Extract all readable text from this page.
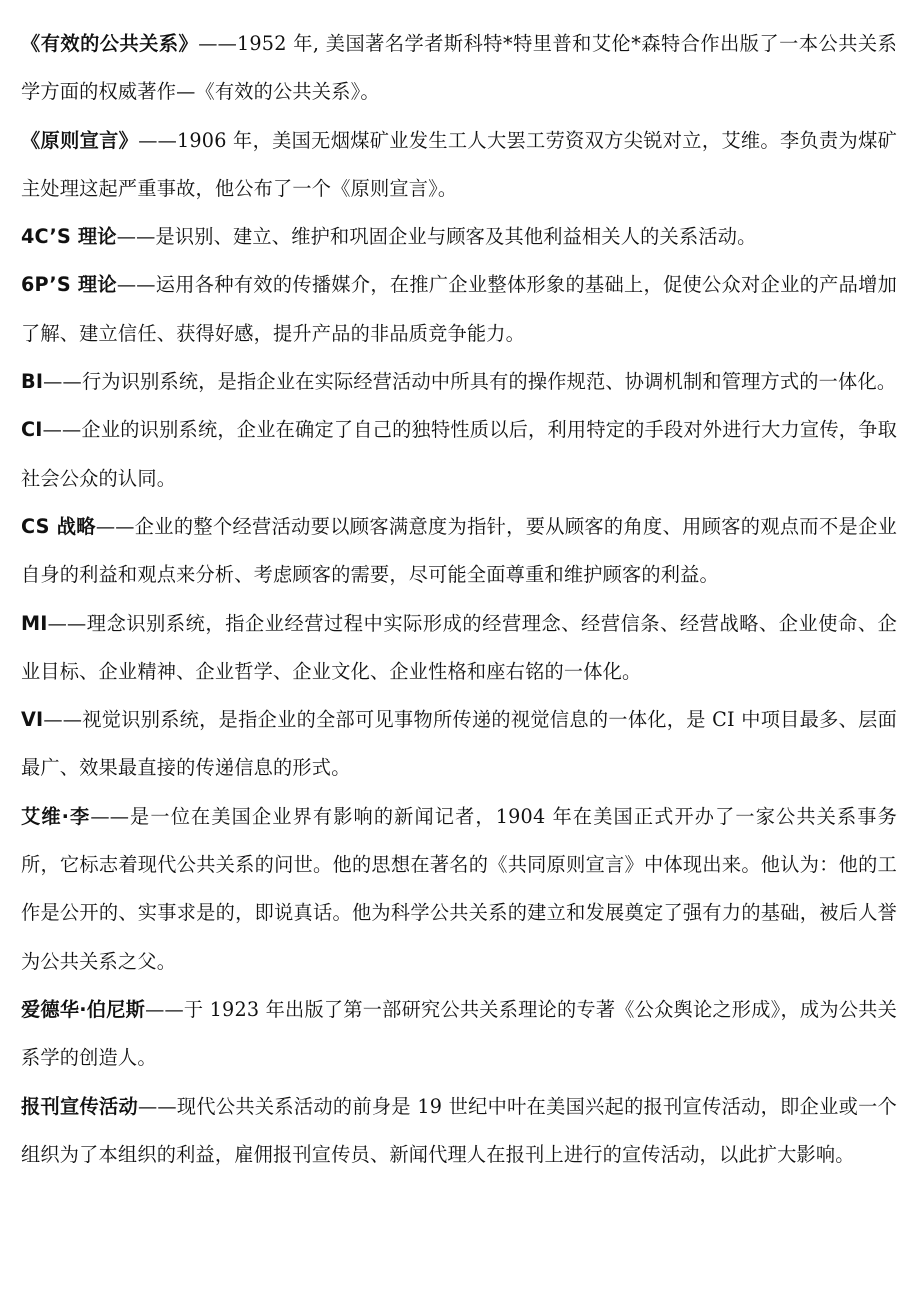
《有效的公共关系》——1952 年, 美国著名学者斯科特*特里普和艾伦*森特合作出版了一本公共关系学方面的权威著作—《有效的公共关系》。

《原则宣言》——1906 年，美国无烟煤矿业发生工人大罢工劳资双方尖锐对立，艾维。李负责为煤矿主处理这起严重事故，他公布了一个《原则宣言》。

4C’S 理论——是识别、建立、维护和巩固企业与顾客及其他利益相关人的关系活动。

6P’S 理论——运用各种有效的传播媒介，在推广企业整体形象的基础上，促使公众对企业的产品增加了解、建立信任、获得好感，提升产品的非品质竞争能力。

BI——行为识别系统，是指企业在实际经营活动中所具有的操作规范、协调机制和管理方式的一体化。

CI——企业的识别系统，企业在确定了自己的独特性质以后，利用特定的手段对外进行大力宣传，争取社会公众的认同。

CS 战略——企业的整个经营活动要以顾客满意度为指针，要从顾客的角度、用顾客的观点而不是企业自身的利益和观点来分析、考虑顾客的需要，尽可能全面尊重和维护顾客的利益。

MI——理念识别系统，指企业经营过程中实际形成的经营理念、经营信条、经营战略、企业使命、企业目标、企业精神、企业哲学、企业文化、企业性格和座右铭的一体化。

VI——视觉识别系统，是指企业的全部可见事物所传递的视觉信息的一体化，是 CI 中项目最多、层面最广、效果最直接的传递信息的形式。

艾维·李——是一位在美国企业界有影响的新闻记者，1904 年在美国正式开办了一家公共关系事务所，它标志着现代公共关系的问世。他的思想在著名的《共同原则宣言》中体现出来。他认为：他的工作是公开的、实事求是的，即说真话。他为科学公共关系的建立和发展奠定了强有力的基础，被后人誉为公共关系之父。

爱德华·伯尼斯——于 1923 年出版了第一部研究公共关系理论的专著《公众舆论之形成》，成为公共关系学的创造人。

报刊宣传活动——现代公共关系活动的前身是 19 世纪中叶在美国兴起的报刊宣传活动，即企业或一个组织为了本组织的利益，雇佣报刊宣传员、新闻代理人在报刊上进行的宣传活动，以此扩大影响。
